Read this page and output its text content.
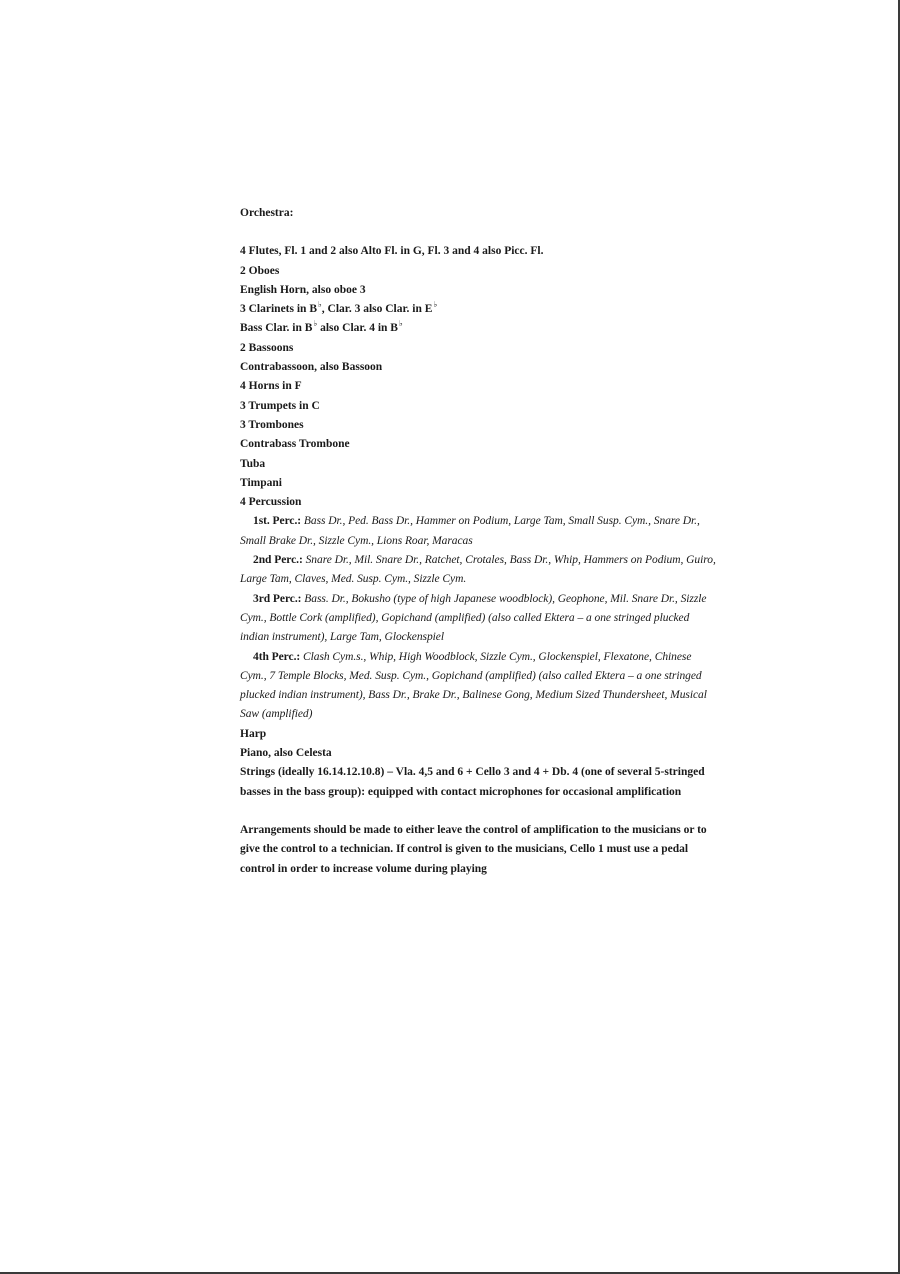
Orchestra:
4 Flutes, Fl. 1 and 2 also Alto Fl. in G, Fl. 3 and 4 also Picc. Fl.
2 Oboes
English Horn, also oboe 3
3 Clarinets in B♭, Clar. 3 also Clar. in E♭
Bass Clar. in B♭ also Clar. 4 in B♭
2 Bassoons
Contrabassoon, also Bassoon
4 Horns in F
3 Trumpets in C
3 Trombones
Contrabass Trombone
Tuba
Timpani
4 Percussion
1st. Perc.: Bass Dr., Ped. Bass Dr., Hammer on Podium, Large Tam, Small Susp. Cym., Snare Dr., Small Brake Dr., Sizzle Cym., Lions Roar, Maracas
2nd Perc.: Snare Dr., Mil. Snare Dr., Ratchet, Crotales, Bass Dr., Whip, Hammers on Podium, Guiro, Large Tam, Claves, Med. Susp. Cym., Sizzle Cym.
3rd Perc.: Bass. Dr., Bokusho (type of high Japanese woodblock), Geophone, Mil. Snare Dr., Sizzle Cym., Bottle Cork (amplified), Gopichand (amplified) (also called Ektera – a one stringed plucked indian instrument), Large Tam, Glockenspiel
4th Perc.: Clash Cym.s., Whip, High Woodblock, Sizzle Cym., Glockenspiel, Flexatone, Chinese Cym., 7 Temple Blocks, Med. Susp. Cym., Gopichand (amplified) (also called Ektera – a one stringed plucked indian instrument), Bass Dr., Brake Dr., Balinese Gong, Medium Sized Thundersheet, Musical Saw (amplified)
Harp
Piano, also Celesta
Strings (ideally 16.14.12.10.8) – Vla. 4,5 and 6 + Cello 3 and 4 + Db. 4 (one of several 5-stringed basses in the bass group): equipped with contact microphones for occasional amplification
Arrangements should be made to either leave the control of amplification to the musicians or to give the control to a technician. If control is given to the musicians, Cello 1 must use a pedal control in order to increase volume during playing
